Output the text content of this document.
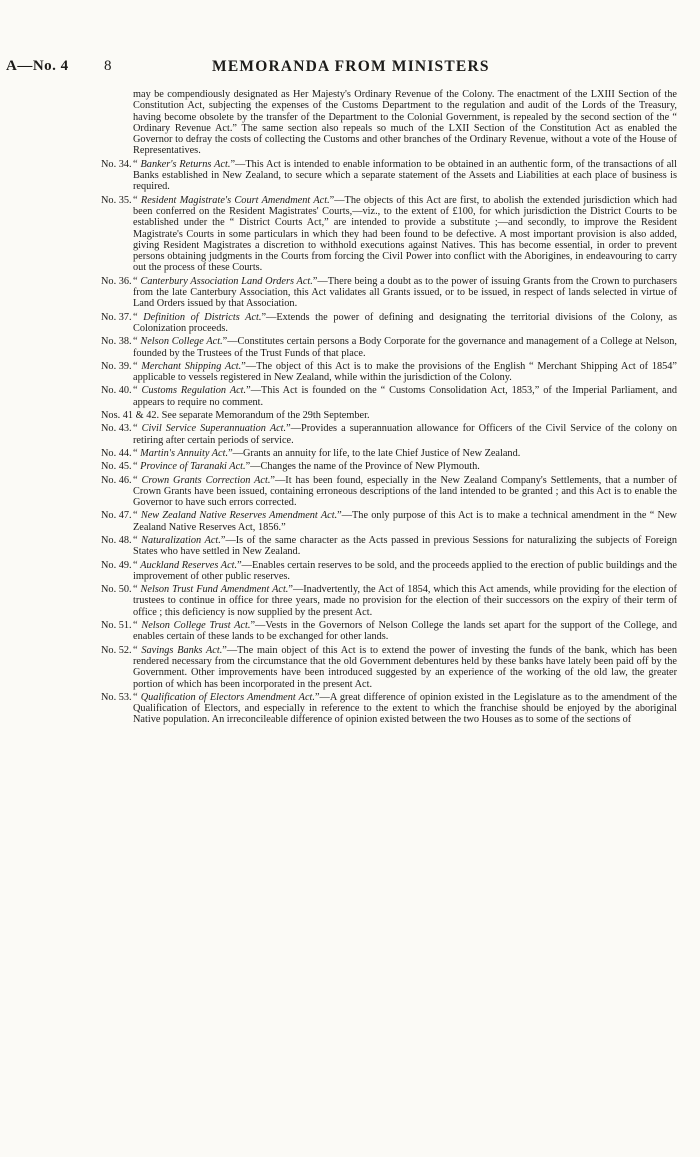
A—No. 4 8	MEMORANDA FROM MINISTERS
may be compendiously designated as Her Majesty's Ordinary Revenue of the Colony. The enactment of the LXIII Section of the Constitution Act, subjecting the expenses of the Customs Department to the regulation and audit of the Lords of the Treasury, having become obsolete by the transfer of the Department to the Colonial Government, is repealed by the second section of the “ Ordinary Revenue Act.” The same section also repeals so much of the LXII Section of the Constitution Act as enabled the Governor to defray the costs of collecting the Customs and other branches of the Ordinary Revenue, without a vote of the House of Representatives.
No. 34. “ Banker's Returns Act.”—This Act is intended to enable information to be obtained in an authentic form, of the transactions of all Banks established in New Zealand, to secure which a separate statement of the Assets and Liabilities at each place of business is required.
No. 35. “ Resident Magistrate's Court Amendment Act.”—The objects of this Act are first, to abolish the extended jurisdiction which had been conferred on the Resident Magistrates' Courts,—viz., to the extent of £100, for which jurisdiction the District Courts to be established under the “ District Courts Act,” are intended to provide a substitute ;—and secondly, to improve the Resident Magistrate's Courts in some particulars in which they had been found to be defective. A most important provision is also added, giving Resident Magistrates a discretion to withhold executions against Natives. This has become essential, in order to prevent persons obtaining judgments in the Courts from forcing the Civil Power into conflict with the Aborigines, in endeavouring to carry out the process of these Courts.
No. 36. “ Canterbury Association Land Orders Act.”—There being a doubt as to the power of issuing Grants from the Crown to purchasers from the late Canterbury Association, this Act validates all Grants issued, or to be issued, in respect of lands selected in virtue of Land Orders issued by that Association.
No. 37. “ Definition of Districts Act.”—Extends the power of defining and designating the territorial divisions of the Colony, as Colonization proceeds.
No. 38. “ Nelson College Act.”—Constitutes certain persons a Body Corporate for the governance and management of a College at Nelson, founded by the Trustees of the Trust Funds of that place.
No. 39. “ Merchant Shipping Act.”—The object of this Act is to make the provisions of the English “ Merchant Shipping Act of 1854” applicable to vessels registered in New Zealand, while within the jurisdiction of the Colony.
No. 40. “ Customs Regulation Act.”—This Act is founded on the “ Customs Consolidation Act, 1853,” of the Imperial Parliament, and appears to require no comment.
Nos. 41 & 42. See separate Memorandum of the 29th September.
No. 43. “ Civil Service Superannuation Act.”—Provides a superannuation allowance for Officers of the Civil Service of the colony on retiring after certain periods of service.
No. 44. “ Martin's Annuity Act.”—Grants an annuity for life, to the late Chief Justice of New Zealand.
No. 45. “ Province of Taranaki Act.”—Changes the name of the Province of New Plymouth.
No. 46. “ Crown Grants Correction Act.”—It has been found, especially in the New Zealand Company's Settlements, that a number of Crown Grants have been issued, containing erroneous descriptions of the land intended to be granted ; and this Act is to enable the Governor to have such errors corrected.
No. 47. “ New Zealand Native Reserves Amendment Act.”—The only purpose of this Act is to make a technical amendment in the “ New Zealand Native Reserves Act, 1856.”
No. 48. “ Naturalization Act.”—Is of the same character as the Acts passed in previous Sessions for naturalizing the subjects of Foreign States who have settled in New Zealand.
No. 49. “ Auckland Reserves Act.”—Enables certain reserves to be sold, and the proceeds applied to the erection of public buildings and the improvement of other public reserves.
No. 50. “ Nelson Trust Fund Amendment Act.”—Inadvertently, the Act of 1854, which this Act amends, while providing for the election of trustees to continue in office for three years, made no provision for the election of their successors on the expiry of their term of office ; this deficiency is now supplied by the present Act.
No. 51. “ Nelson College Trust Act.”—Vests in the Governors of Nelson College the lands set apart for the support of the College, and enables certain of these lands to be exchanged for other lands.
No. 52. “ Savings Banks Act.”—The main object of this Act is to extend the power of investing the funds of the bank, which has been rendered necessary from the circumstance that the old Government debentures held by these banks have lately been paid off by the Government. Other improvements have been introduced suggested by an experience of the working of the old law, the greater portion of which has been incorporated in the present Act.
No. 53. “ Qualification of Electors Amendment Act.”—A great difference of opinion existed in the Legislature as to the amendment of the Qualification of Electors, and especially in reference to the extent to which the franchise should be enjoyed by the aboriginal Native population. An irreconcileable difference of opinion existed between the two Houses as to some of the sections of
